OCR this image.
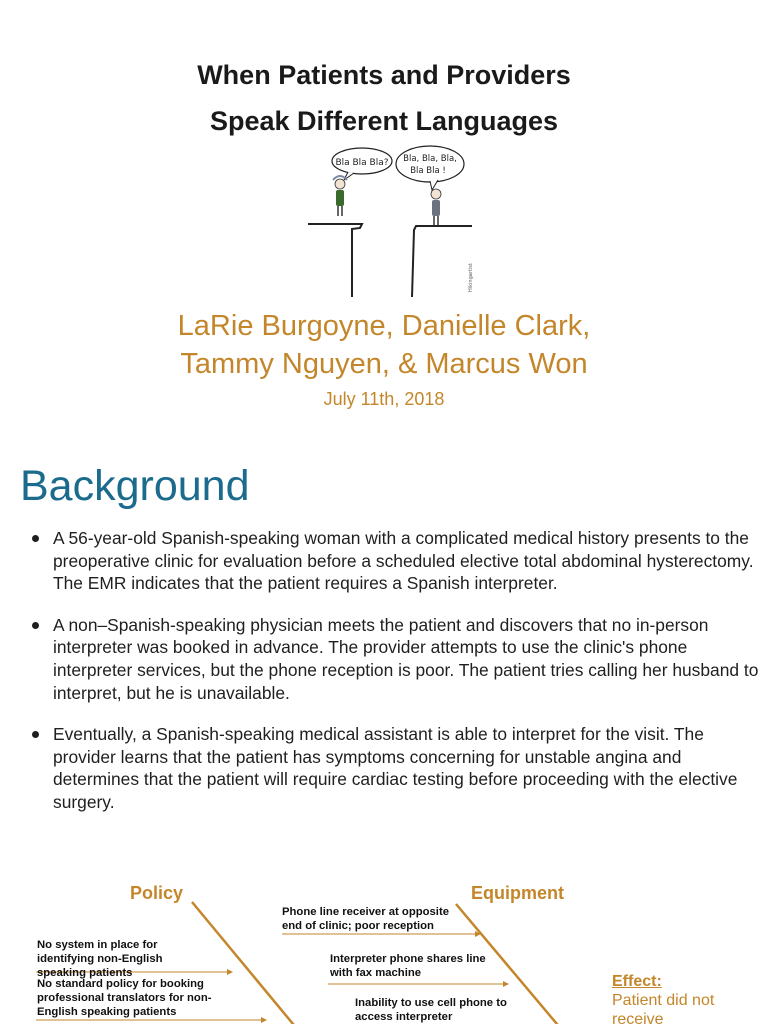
When Patients and Providers
Speak Different Languages
Bla Bla Bla? Bla, Bla, Bla,
Bla Bla !
Hikingartist
LaRie Burgoyne, Danielle Clark,
Tammy Nguyen, & Marcus Won
July 11th, 2018
Background
A 56-year-old Spanish-speaking woman with a complicated medical history presents to the preoperative clinic for evaluation before a scheduled elective total abdominal hysterectomy. The EMR indicates that the patient requires a Spanish interpreter.
A non–Spanish-speaking physician meets the patient and discovers that no in-person interpreter was booked in advance. The provider attempts to use the clinic's phone interpreter services, but the phone reception is poor. The patient tries calling her husband to interpret, but he is unavailable.
Eventually, a Spanish-speaking medical assistant is able to interpret for the visit. The provider learns that the patient has symptoms concerning for unstable angina and determines that the patient will require cardiac testing before proceeding with the elective surgery.
Policy	Equipment
No system in place for identifying non-English speaking patients
No standard policy for booking professional translators for non-English speaking patients
Phone line receiver at opposite end of clinic; poor reception
Interpreter phone shares line with fax machine
Inability to use cell phone to access interpreter
Effect:
Patient did not receive
